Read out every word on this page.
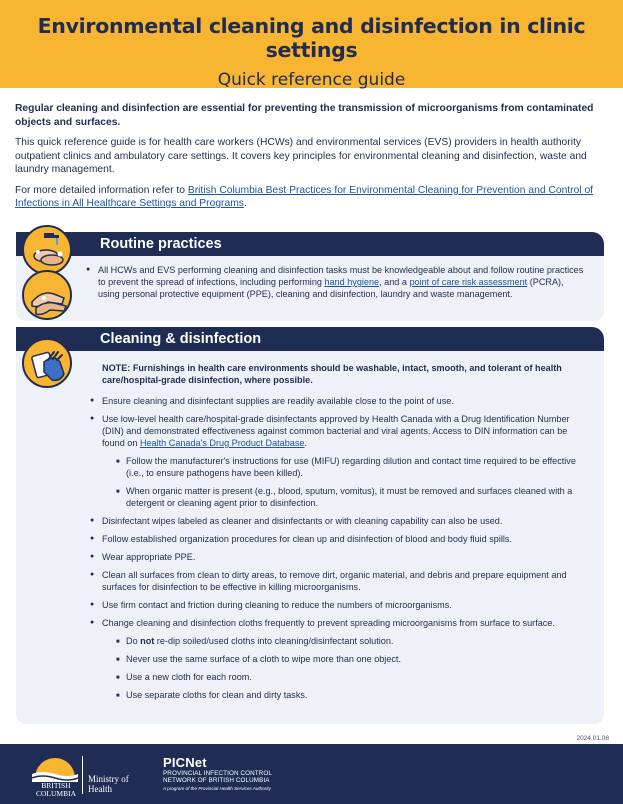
Environmental cleaning and disinfection in clinic settings
Quick reference guide

Regular cleaning and disinfection are essential for preventing the transmission of microorganisms from contaminated objects and surfaces.

This quick reference guide is for health care workers (HCWs) and environmental services (EVS) providers in health authority outpatient clinics and ambulatory care settings. It covers key principles for environmental cleaning and disinfection, waste and laundry management.

For more detailed information refer to British Columbia Best Practices for Environmental Cleaning for Prevention and Control of Infections in All Healthcare Settings and Programs.

Routine practices
● All HCWs and EVS performing cleaning and disinfection tasks must be knowledgeable about and follow routine practices to prevent the spread of infections, including performing hand hygiene, and a point of care risk assessment (PCRA), using personal protective equipment (PPE), cleaning and disinfection, laundry and waste management.
Cleaning & disinfection

NOTE: Furnishings in health care environments should be washable, intact, smooth, and tolerant of health care/hospital-grade disinfection, where possible.

● Ensure cleaning and disinfectant supplies are readily available close to the point of use.
● Use low-level health care/hospital-grade disinfectants approved by Health Canada with a Drug Identification Number (DIN) and demonstrated effectiveness against common bacterial and viral agents. Access to DIN information can be found on Health Canada's Drug Product Database.
■ Follow the manufacturer's instructions for use (MIFU) regarding dilution and contact time required to be effective (i.e., to ensure pathogens have been killed).
■ When organic matter is present (e.g., blood, sputum, vomitus), it must be removed and surfaces cleaned with a detergent or cleaning agent prior to disinfection.
● Disinfectant wipes labeled as cleaner and disinfectants or with cleaning capability can also be used.
● Follow established organization procedures for clean up and disinfection of blood and body fluid spills.
● Wear appropriate PPE.
● Clean all surfaces from clean to dirty areas, to remove dirt, organic material, and debris and prepare equipment and surfaces for disinfection to be effective in killing microorganisms.
● Use firm contact and friction during cleaning to reduce the numbers of microorganisms.
● Change cleaning and disinfection cloths frequently to prevent spreading microorganisms from surface to surface.
■ Do not re-dip soiled/used cloths into cleaning/disinfectant solution.
■ Never use the same surface of a cloth to wipe more than one object.
■ Use a new cloth for each room.
■ Use separate cloths for clean and dirty tasks.
2024.01.08
BRITISH
COLUMBIA
Ministry of
Health
PICNet
PROVINCIAL INFECTION CONTROL
NETWORK OF BRITISH COLUMBIA
A program of the Provincial Health Services Authority
